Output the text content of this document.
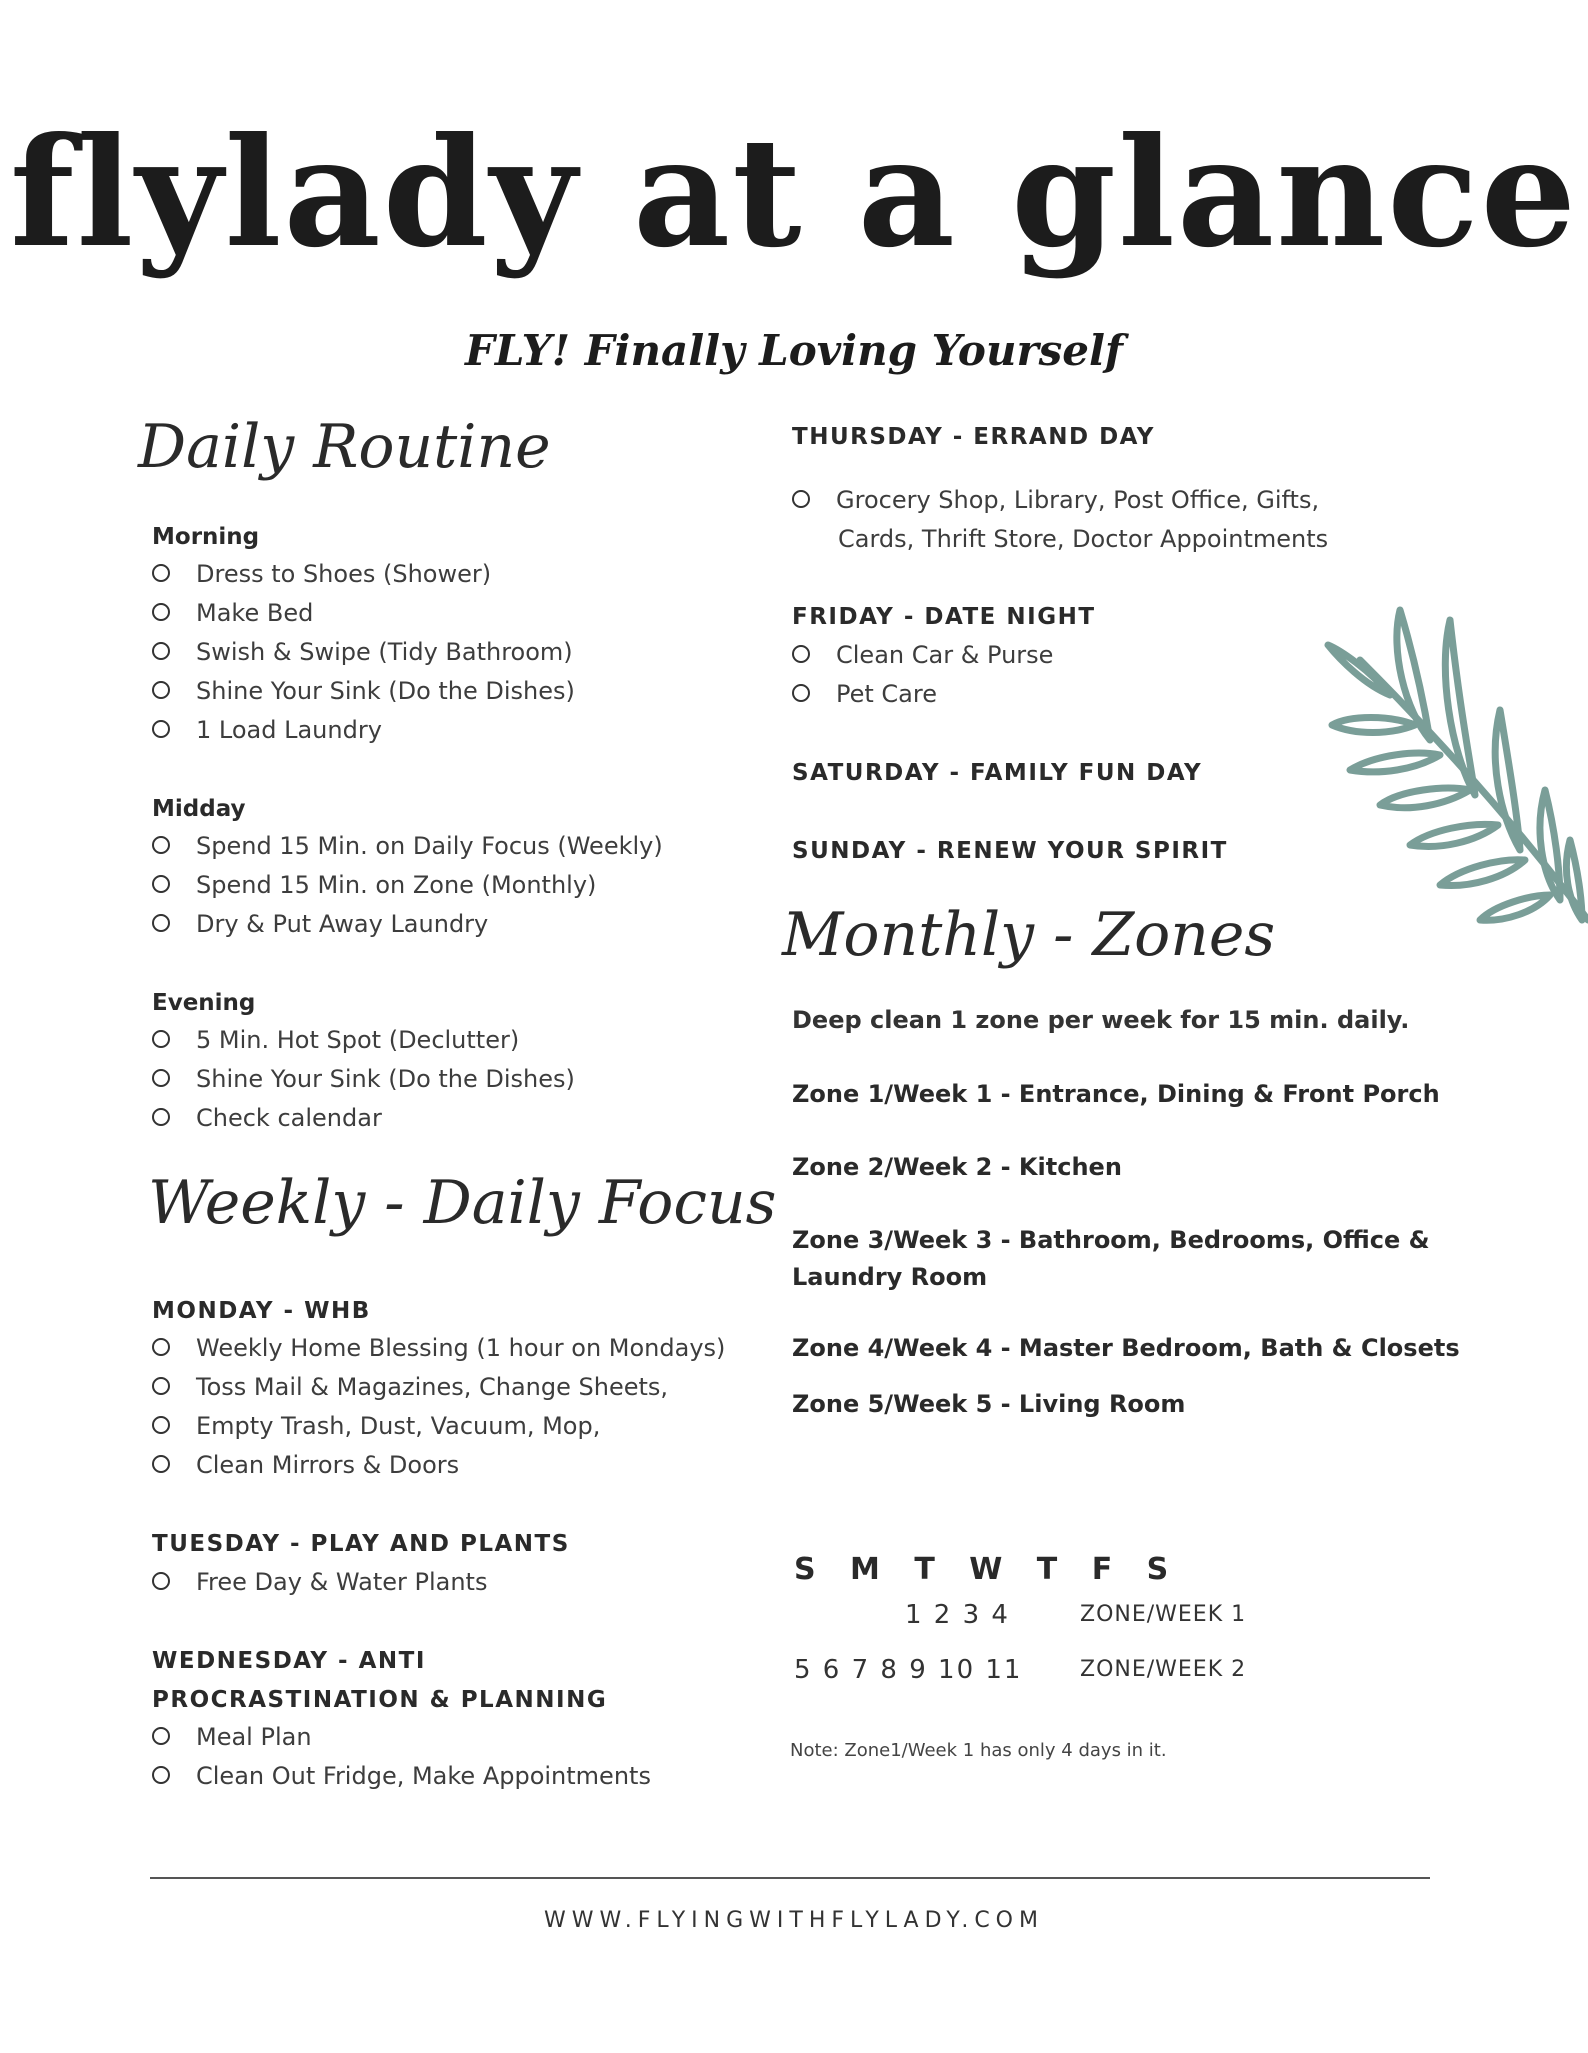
flylady at a glance
FLY! Finally Loving Yourself
Daily Routine
Morning
Dress to Shoes (Shower)
Make Bed
Swish & Swipe (Tidy Bathroom)
Shine Your Sink (Do the Dishes)
1 Load Laundry
Midday
Spend 15 Min. on Daily Focus (Weekly)
Spend 15 Min. on Zone (Monthly)
Dry & Put Away Laundry
Evening
5 Min. Hot Spot (Declutter)
Shine Your Sink (Do the Dishes)
Check calendar
Weekly - Daily Focus
MONDAY - WHB
Weekly Home Blessing (1 hour on Mondays)
Toss Mail & Magazines, Change Sheets,
Empty Trash, Dust, Vacuum, Mop,
Clean Mirrors & Doors
TUESDAY - PLAY AND PLANTS
Free Day & Water Plants
WEDNESDAY - ANTI
PROCRASTINATION & PLANNING
Meal Plan
Clean Out Fridge, Make Appointments
THURSDAY - ERRAND DAY
Grocery Shop, Library, Post Office, Gifts,
Cards, Thrift Store, Doctor Appointments
FRIDAY - DATE NIGHT
Clean Car & Purse
Pet Care
SATURDAY - FAMILY FUN DAY
SUNDAY - RENEW YOUR SPIRIT
Monthly - Zones
Deep clean 1 zone per week for 15 min. daily.
Zone 1/Week 1 - Entrance, Dining & Front Porch
Zone 2/Week 2 - Kitchen
Zone 3/Week 3 - Bathroom, Bedrooms, Office & Laundry Room
Zone 4/Week 4 - Master Bedroom, Bath & Closets
Zone 5/Week 5 - Living Room
S M T W T F S
1 2 3 4	ZONE/WEEK 1
5 6 7 8 9 10 11	ZONE/WEEK 2
Note: Zone1/Week 1 has only 4 days in it.
WWW.FLYINGWITHFLYLADY.COM
